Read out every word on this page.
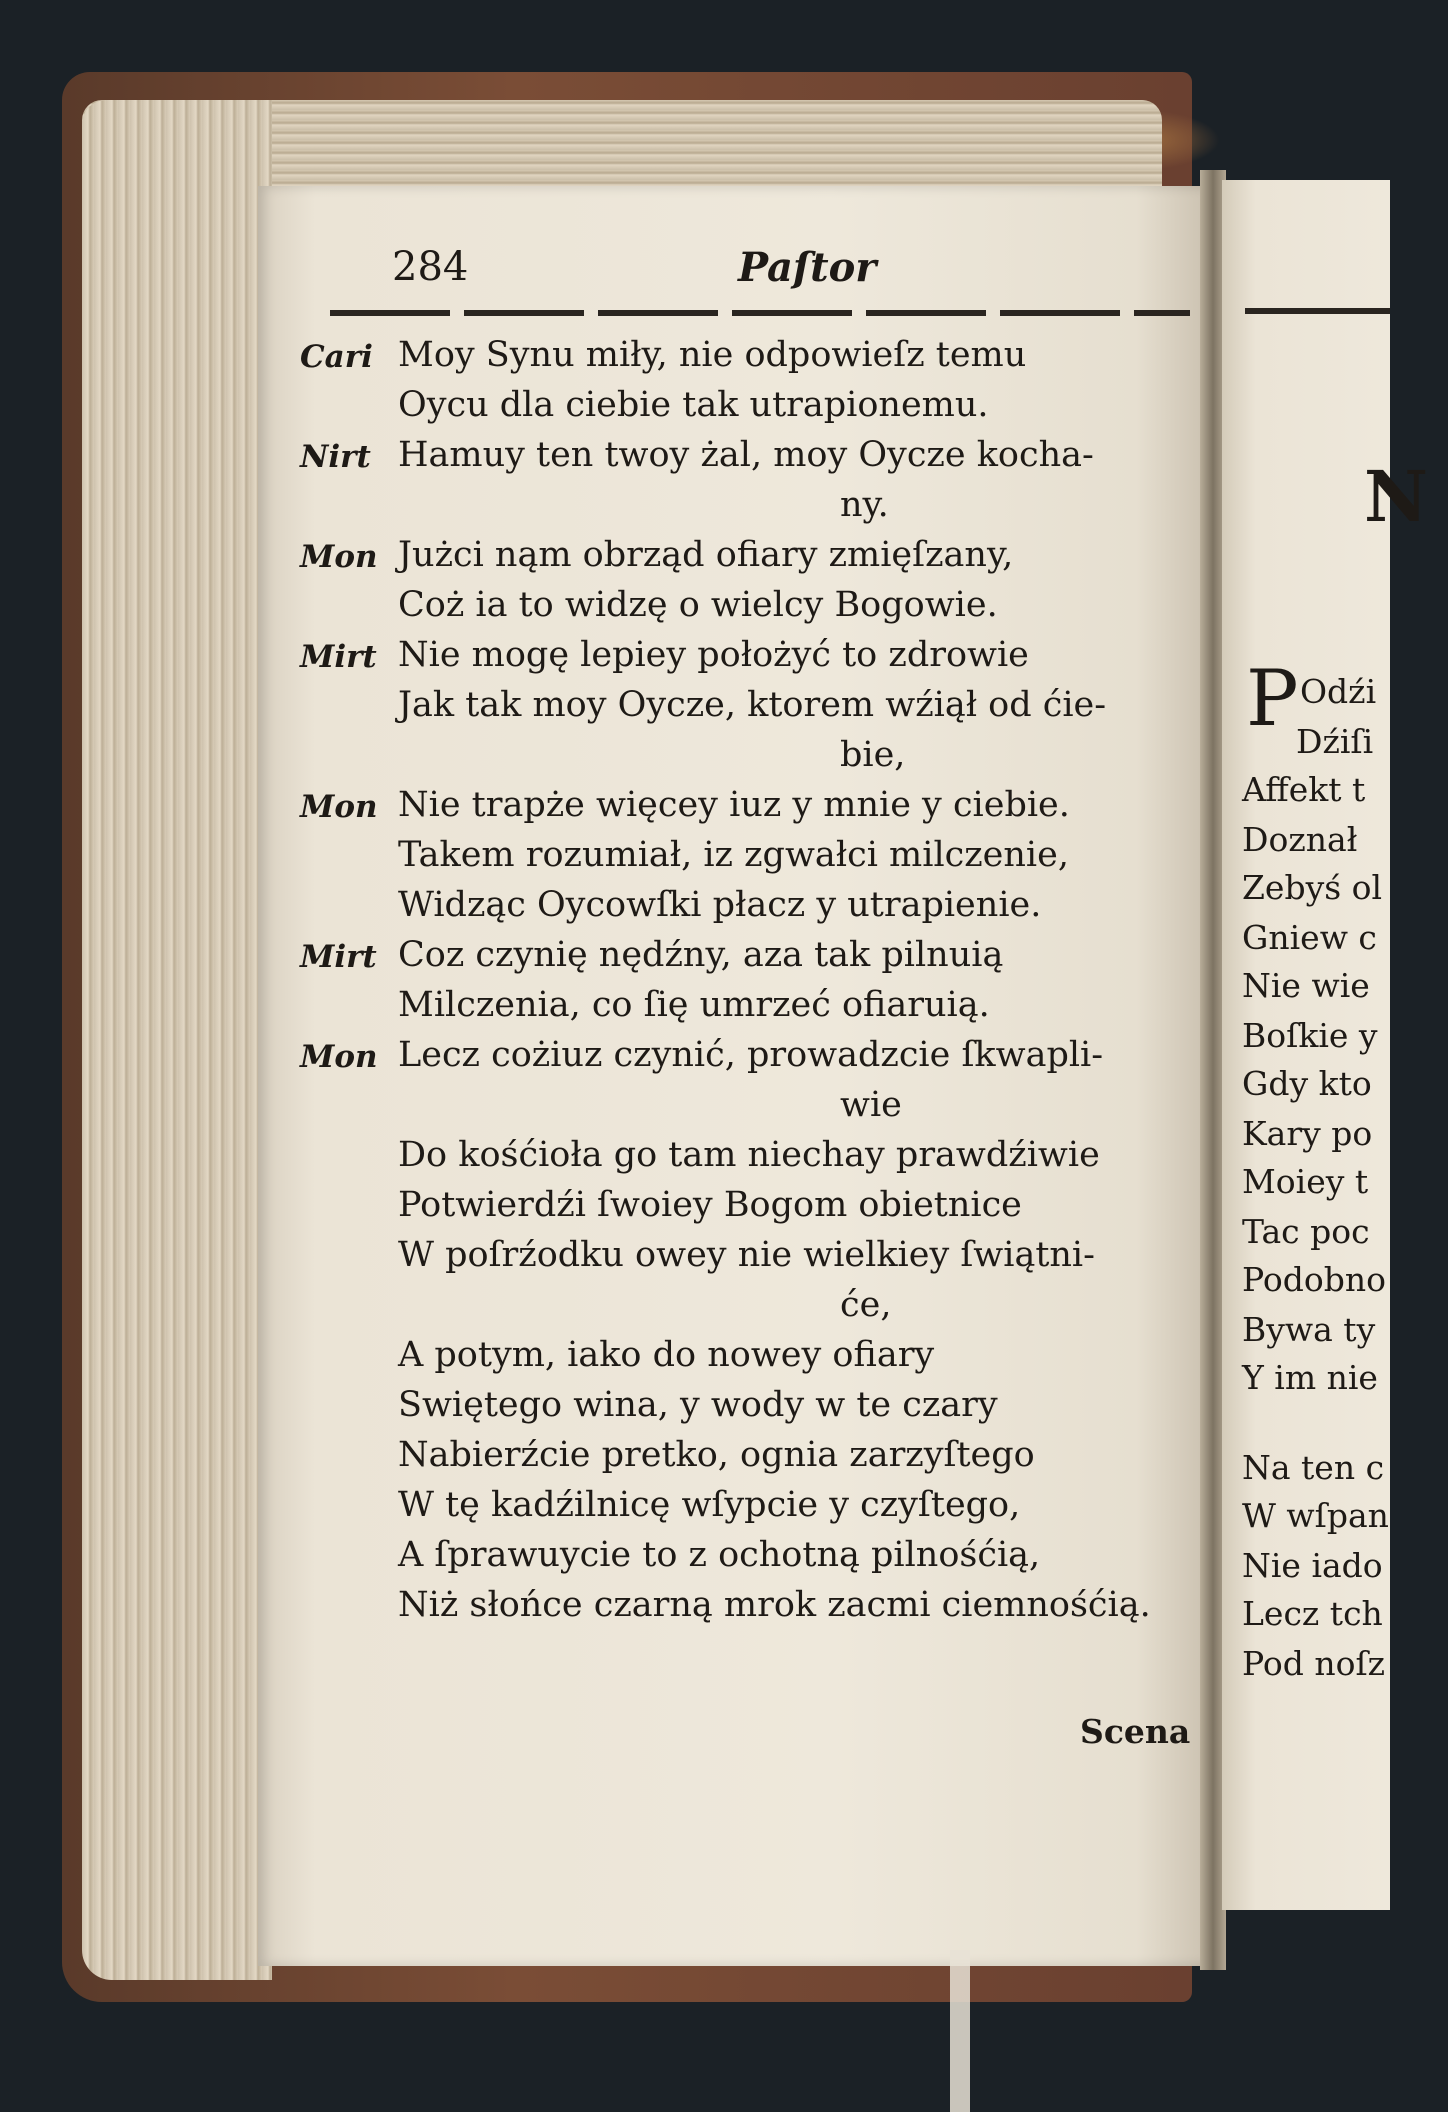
284	Paſtor
Cari Moy Synu miły, nie odpowieſz temu
Oycu dla ciebie tak utrapionemu.
Nirt Hamuy ten twoy żal, moy Oycze kocha-
ny.
Mon Jużci nąm obrząd ofiary zmięſzany,
Coż ia to widzę o wielcy Bogowie.
Mirt Nie mogę lepiey położyć to zdrowie
Jak tak moy Oycze, ktorem wźiął od ćie-
bie,
Mon Nie trapże więcey iuz y mnie y ciebie.
Takem rozumiał, iz zgwałci milczenie,
Widząc Oycowſki płacz y utrapienie.
Mirt Coz czynię nędźny, aza tak pilnuią
Milczenia, co ſię umrzeć ofiaruią.
Mon Lecz cożiuz czynić, prowadzcie ſkwapli-
wie
Do kośćioła go tam niechay prawdźiwie
Potwierdźi ſwoiey Bogom obietnice
W poſrźodku owey nie wielkiey ſwiątni-
će,
A potym, iako do nowey ofiary
Swiętego wina, y wody w te czary
Nabierźcie pretko, ognia zarzyſtego
W tę kadźilnicę wſypcie y czyſtego,
A ſprawuycie to z ochotną pilnośćią,
Niż słońce czarną mrok zacmi ciemnośćią.
Scena
N
P Odźi
Dźiſi
Affekt t
Doznał
Zebyś ol
Gniew c
Nie wie
Boſkie y
Gdy kto
Kary po
Moiey t
Tac poc
Podobno
Bywa ty
Y im nie
Na ten c
W wſpan
Nie iado
Lecz tch
Pod noſz
